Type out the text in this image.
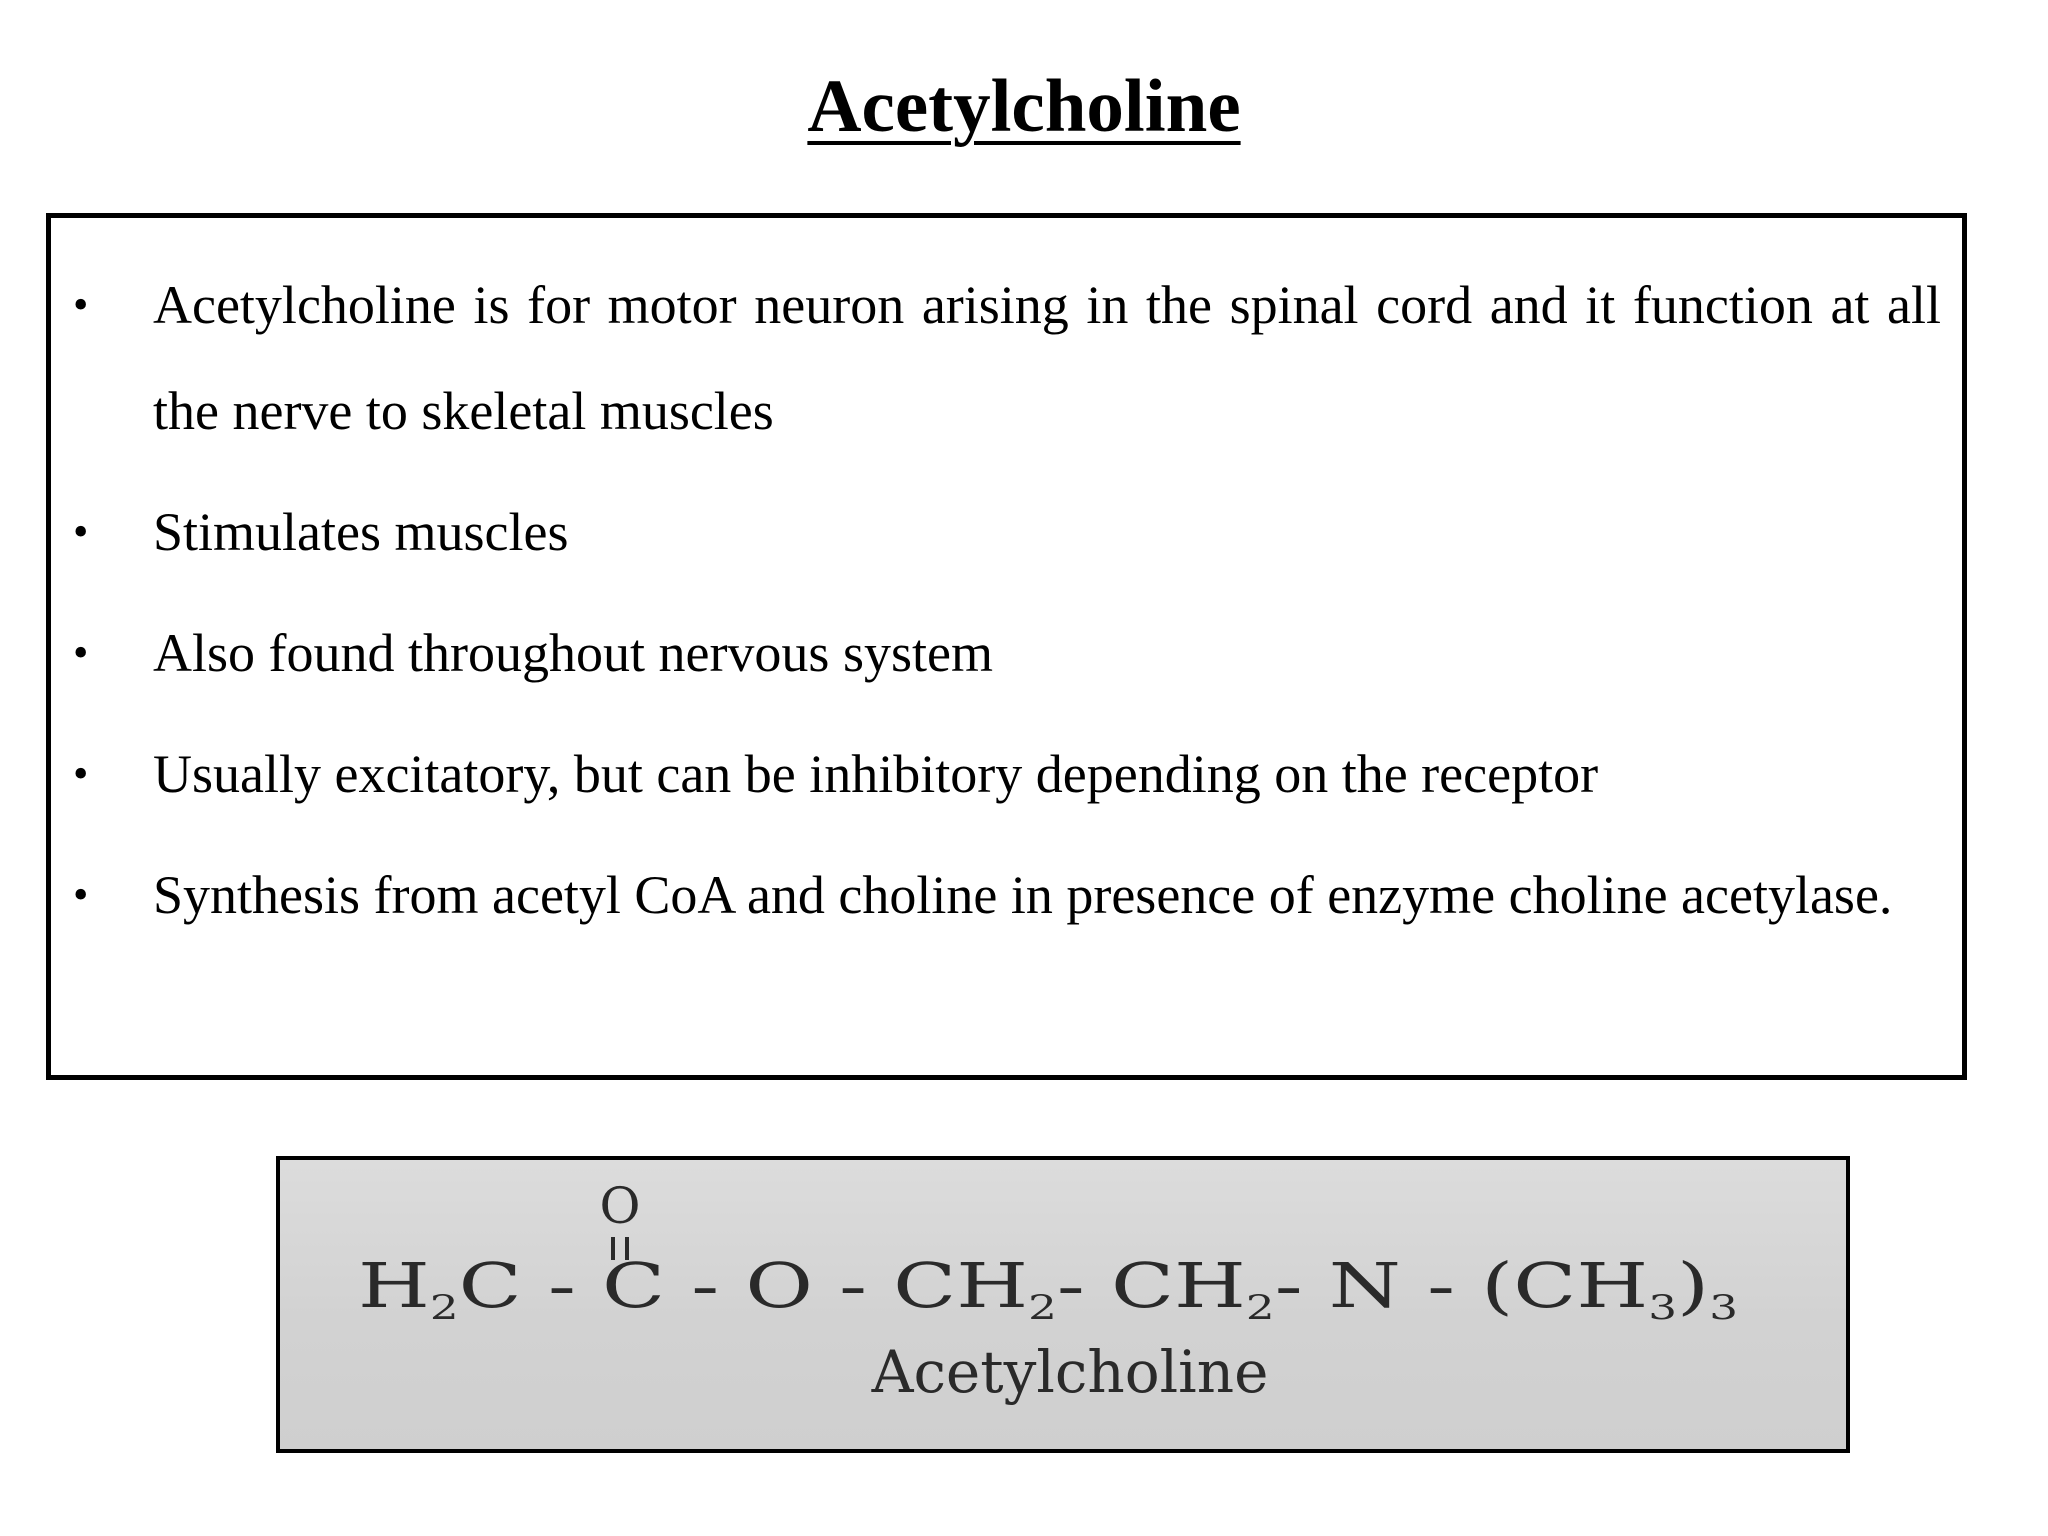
Acetylcholine
• Acetylcholine is for motor neuron arising in the spinal cord and it function at all the nerve to skeletal muscles
• Stimulates muscles
• Also found throughout nervous system
• Usually excitatory, but can be inhibitory depending on the receptor
• Synthesis from acetyl CoA and choline in presence of enzyme choline acetylase.
O
H 2 C - C - O - CH	2 - CH 2 - N - (CH	3 ) 3
Acetylcholine
